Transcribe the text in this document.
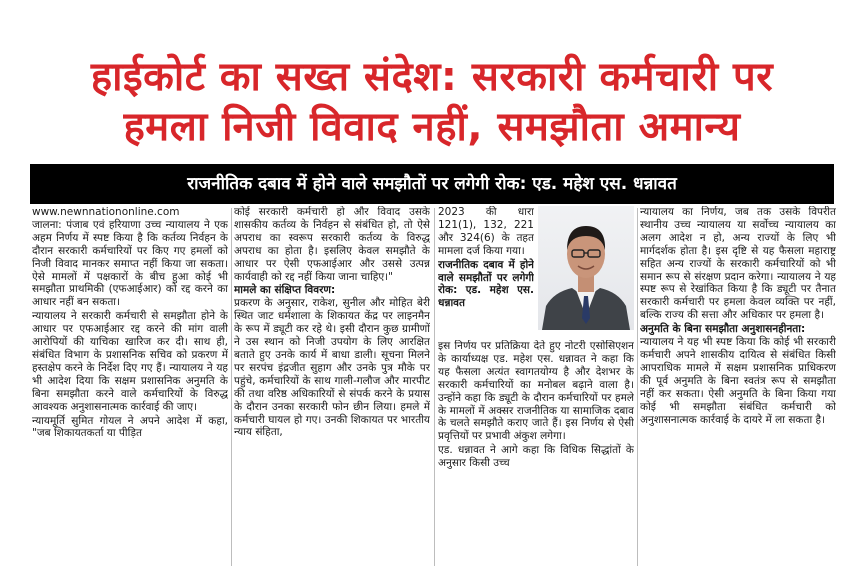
हाईकोर्ट का सख्त संदेश: सरकारी कर्मचारी पर
हमला निजी विवाद नहीं, समझौता अमान्य
राजनीतिक दबाव में होने वाले समझौतों पर लगेगी रोक: एड. महेश एस. धन्नावत
www.newnnationonline.com

जालना: पंजाब एवं हरियाणा उच्च न्यायालय ने एक अहम निर्णय में स्पष्ट किया है कि कर्तव्य निर्वहन के दौरान सरकारी कर्मचारियों पर किए गए हमलों को निजी विवाद मानकर समाप्त नहीं किया जा सकता। ऐसे मामलों में पक्षकारों के बीच हुआ कोई भी समझौता प्राथमिकी (एफआईआर) को रद्द करने का आधार नहीं बन सकता।

न्यायालय ने सरकारी कर्मचारी से समझौता होने के आधार पर एफआईआर रद्द करने की मांग वाली आरोपियों की याचिका खारिज कर दी। साथ ही, संबंधित विभाग के प्रशासनिक सचिव को प्रकरण में हस्तक्षेप करने के निर्देश दिए गए हैं। न्यायालय ने यह भी आदेश दिया कि सक्षम प्रशासनिक अनुमति के बिना समझौता करने वाले कर्मचारियों के विरुद्ध आवश्यक अनुशासनात्मक कार्रवाई की जाए।

न्यायमूर्ति सुमित गोयल ने अपने आदेश में कहा, "जब शिकायतकर्ता या पीड़ित

कोई सरकारी कर्मचारी हो और विवाद उसके शासकीय कर्तव्य के निर्वहन से संबंधित हो, तो ऐसे अपराध का स्वरूप सरकारी कर्तव्य के विरुद्ध अपराध का होता है। इसलिए केवल समझौते के आधार पर ऐसी एफआईआर और उससे उत्पन्न कार्यवाही को रद्द नहीं किया जाना चाहिए।"

मामले का संक्षिप्त विवरण:

प्रकरण के अनुसार, राकेश, सुनील और मोहित बेरी स्थित जाट धर्मशाला के शिकायत केंद्र पर लाइनमैन के रूप में ड्यूटी कर रहे थे। इसी दौरान कुछ ग्रामीणों ने उस स्थान को निजी उपयोग के लिए आरक्षित बताते हुए उनके कार्य में बाधा डाली। सूचना मिलने पर सरपंच इंद्रजीत सुहाग और उनके पुत्र मौके पर पहुंचे, कर्मचारियों के साथ गाली-गलौज और मारपीट की तथा वरिष्ठ अधिकारियों से संपर्क करने के प्रयास के दौरान उनका सरकारी फोन छीन लिया। हमले में कर्मचारी घायल हो गए। उनकी शिकायत पर भारतीय न्याय संहिता,

2023 की धारा 121(1), 132, 221 और 324(6) के तहत मामला दर्ज किया गया।

राजनीतिक दबाव में होने वाले समझौतों पर लगेगी रोक: एड. महेश एस. धन्नावत

इस निर्णय पर प्रतिक्रिया देते हुए नोटरी एसोसिएशन के कार्याध्यक्ष एड. महेश एस. धन्नावत ने कहा कि यह फैसला अत्यंत स्वागतयोग्य है और देशभर के सरकारी कर्मचारियों का मनोबल बढ़ाने वाला है। उन्होंने कहा कि ड्यूटी के दौरान कर्मचारियों पर हमले के मामलों में अक्सर राजनीतिक या सामाजिक दबाव के चलते समझौते कराए जाते हैं। इस निर्णय से ऐसी प्रवृत्तियों पर प्रभावी अंकुश लगेगा।

एड. धन्नावत ने आगे कहा कि विधिक सिद्धांतों के अनुसार किसी उच्च

न्यायालय का निर्णय, जब तक उसके विपरीत स्थानीय उच्च न्यायालय या सर्वोच्च न्यायालय का अलग आदेश न हो, अन्य राज्यों के लिए भी मार्गदर्शक होता है। इस दृष्टि से यह फैसला महाराष्ट्र सहित अन्य राज्यों के सरकारी कर्मचारियों को भी समान रूप से संरक्षण प्रदान करेगा। न्यायालय ने यह स्पष्ट रूप से रेखांकित किया है कि ड्यूटी पर तैनात सरकारी कर्मचारी पर हमला केवल व्यक्ति पर नहीं, बल्कि राज्य की सत्ता और अधिकार पर हमला है।

अनुमति के बिना समझौता अनुशासनहीनता:

न्यायालय ने यह भी स्पष्ट किया कि कोई भी सरकारी कर्मचारी अपने शासकीय दायित्व से संबंधित किसी आपराधिक मामले में सक्षम प्रशासनिक प्राधिकरण की पूर्व अनुमति के बिना स्वतंत्र रूप से समझौता नहीं कर सकता। ऐसी अनुमति के बिना किया गया कोई भी समझौता संबंधित कर्मचारी को अनुशासनात्मक कार्रवाई के दायरे में ला सकता है।
